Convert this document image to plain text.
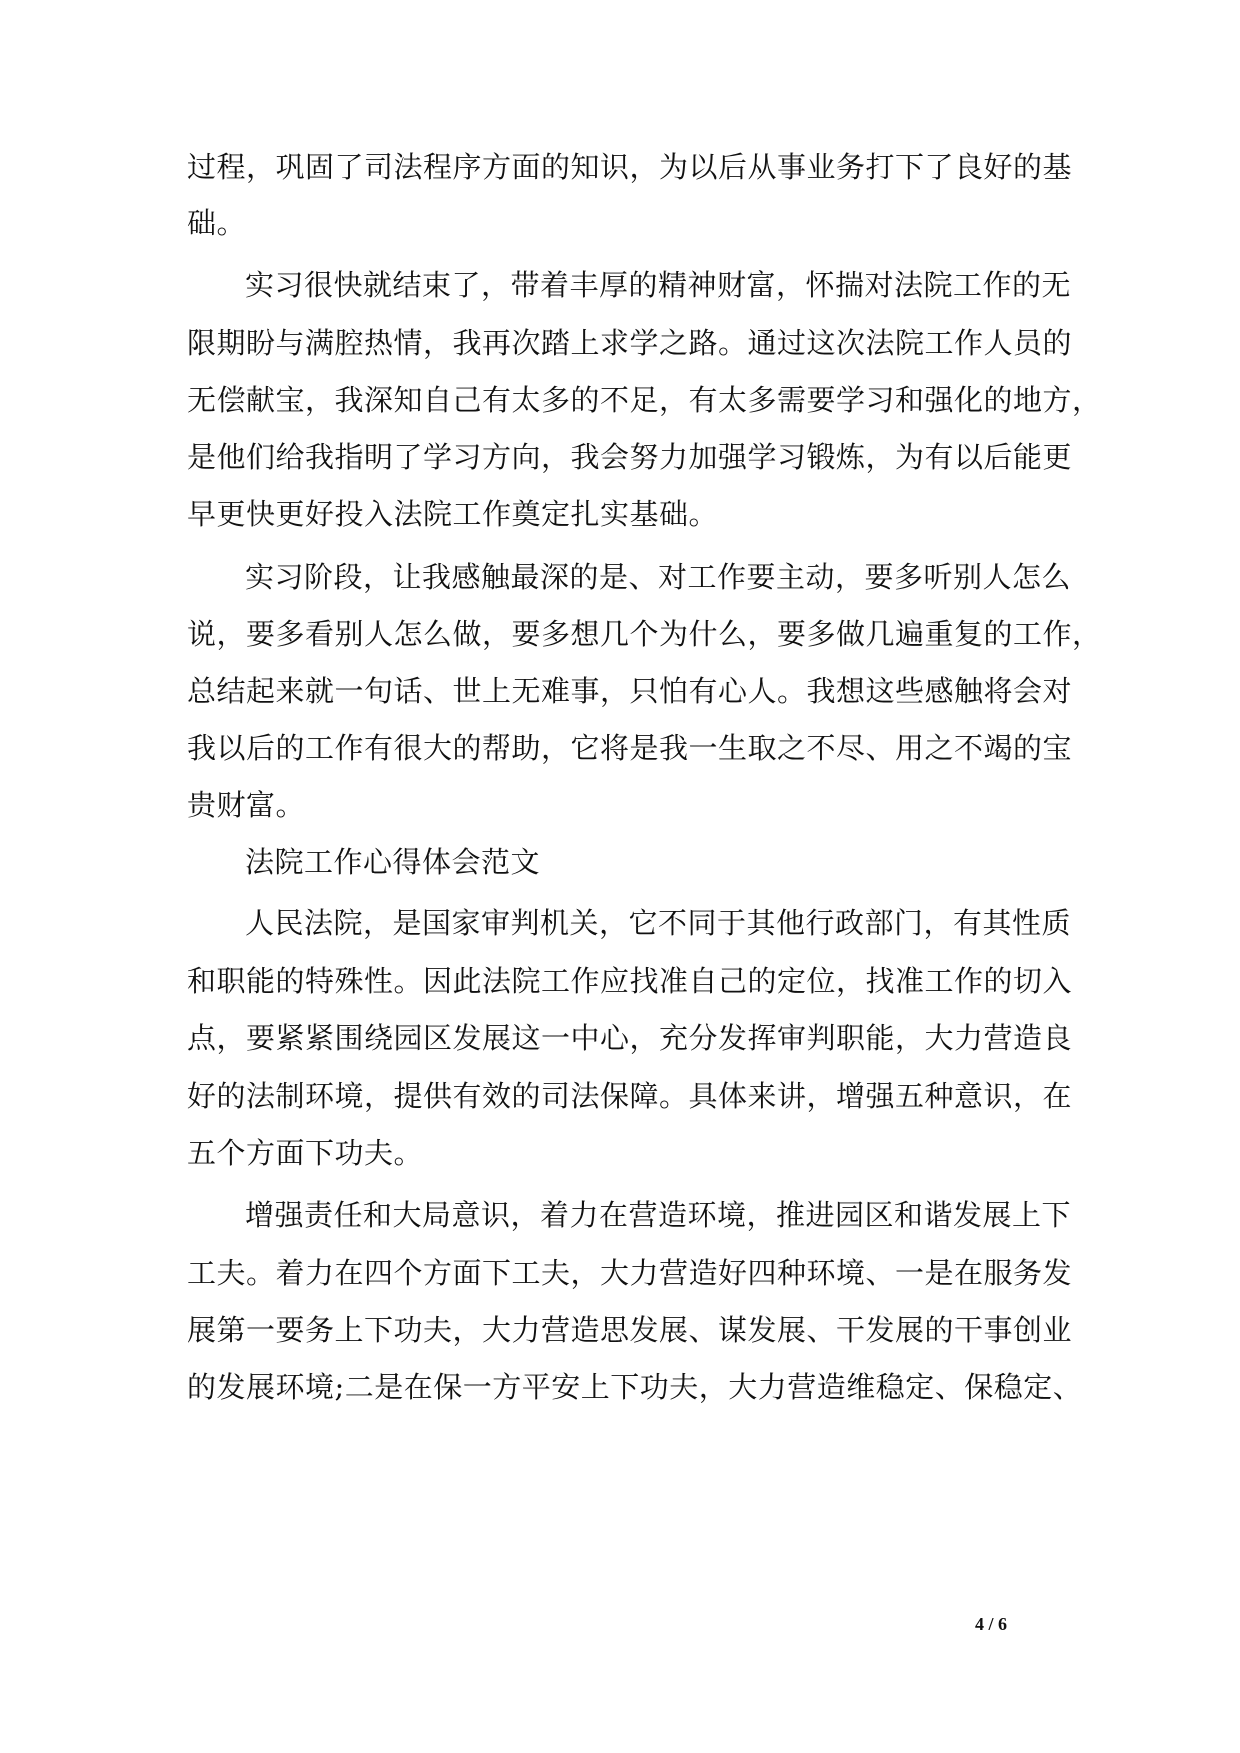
过程，巩固了司法程序方面的知识，为以后从事业务打下了良好的基
础。
实习很快就结束了，带着丰厚的精神财富，怀揣对法院工作的无
限期盼与满腔热情，我再次踏上求学之路。通过这次法院工作人员的
无偿献宝，我深知自己有太多的不足，有太多需要学习和强化的地方，
是他们给我指明了学习方向，我会努力加强学习锻炼，为有以后能更
早更快更好投入法院工作奠定扎实基础。
实习阶段，让我感触最深的是、对工作要主动，要多听别人怎么
说，要多看别人怎么做，要多想几个为什么，要多做几遍重复的工作，
总结起来就一句话、世上无难事，只怕有心人。我想这些感触将会对
我以后的工作有很大的帮助，它将是我一生取之不尽、用之不竭的宝
贵财富。
法院工作心得体会范文
人民法院，是国家审判机关，它不同于其他行政部门，有其性质
和职能的特殊性。因此法院工作应找准自己的定位，找准工作的切入
点，要紧紧围绕园区发展这一中心，充分发挥审判职能，大力营造良
好的法制环境，提供有效的司法保障。具体来讲，增强五种意识，在
五个方面下功夫。
增强责任和大局意识，着力在营造环境，推进园区和谐发展上下
工夫。着力在四个方面下工夫，大力营造好四种环境、一是在服务发
展第一要务上下功夫，大力营造思发展、谋发展、干发展的干事创业
的发展环境;二是在保一方平安上下功夫，大力营造维稳定、保稳定、
4 / 6
